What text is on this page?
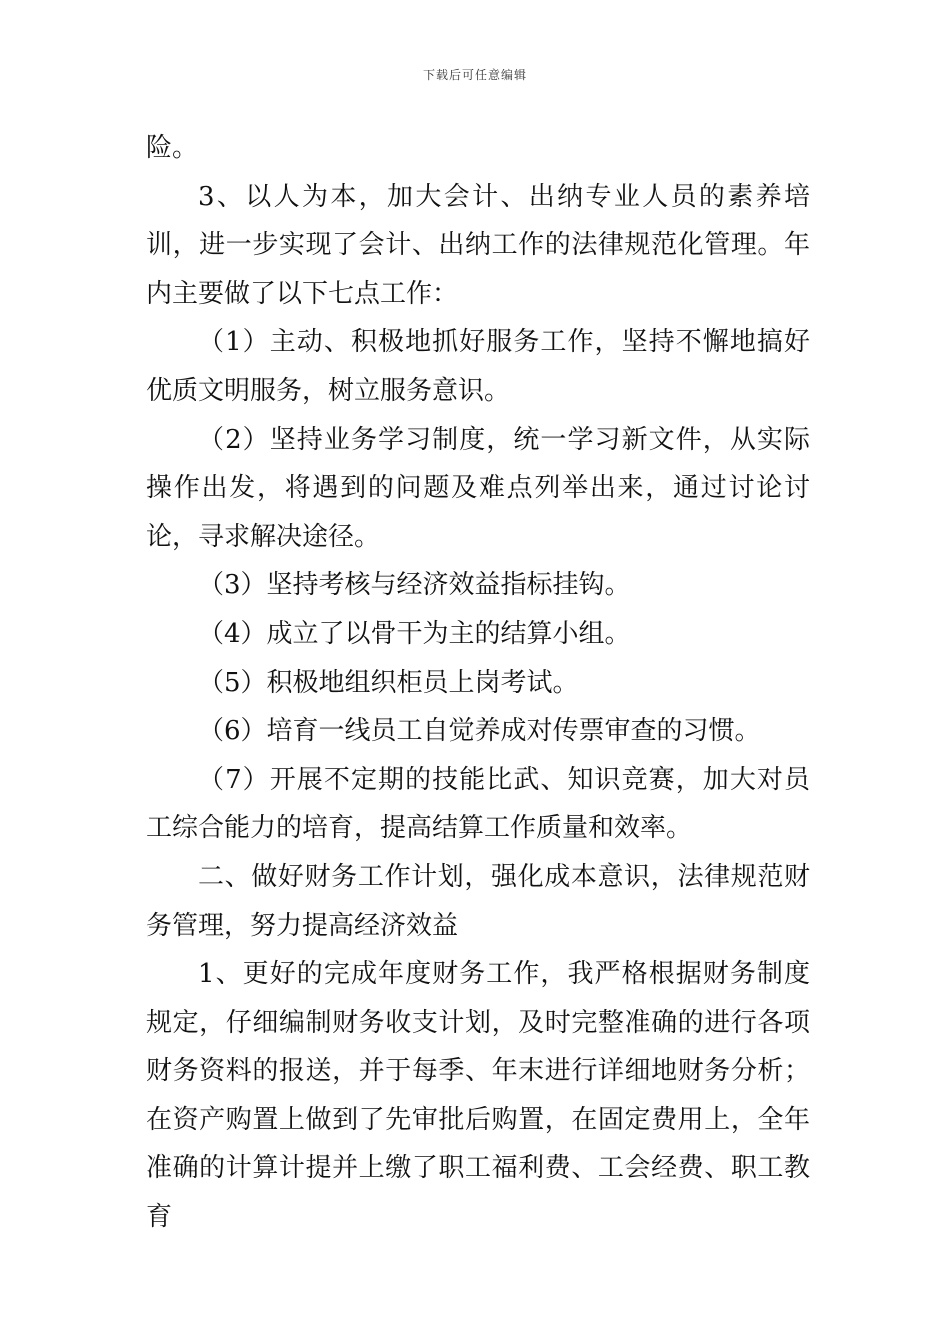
下载后可任意编辑

险。

3、以人为本，加大会计、出纳专业人员的素养培训，进一步实现了会计、出纳工作的法律规范化管理。年内主要做了以下七点工作：

（1）主动、积极地抓好服务工作，坚持不懈地搞好优质文明服务，树立服务意识。

（2）坚持业务学习制度，统一学习新文件，从实际操作出发，将遇到的问题及难点列举出来，通过讨论讨论，寻求解决途径。

（3）坚持考核与经济效益指标挂钩。

（4）成立了以骨干为主的结算小组。

（5）积极地组织柜员上岗考试。

（6）培育一线员工自觉养成对传票审查的习惯。

（7）开展不定期的技能比武、知识竞赛，加大对员工综合能力的培育，提高结算工作质量和效率。

二、做好财务工作计划，强化成本意识，法律规范财务管理，努力提高经济效益

1、更好的完成年度财务工作，我严格根据财务制度规定，仔细编制财务收支计划，及时完整准确的进行各项财务资料的报送，并于每季、年末进行详细地财务分析；在资产购置上做到了先审批后购置，在固定费用上，全年准确的计算计提并上缴了职工福利费、工会经费、职工教育
